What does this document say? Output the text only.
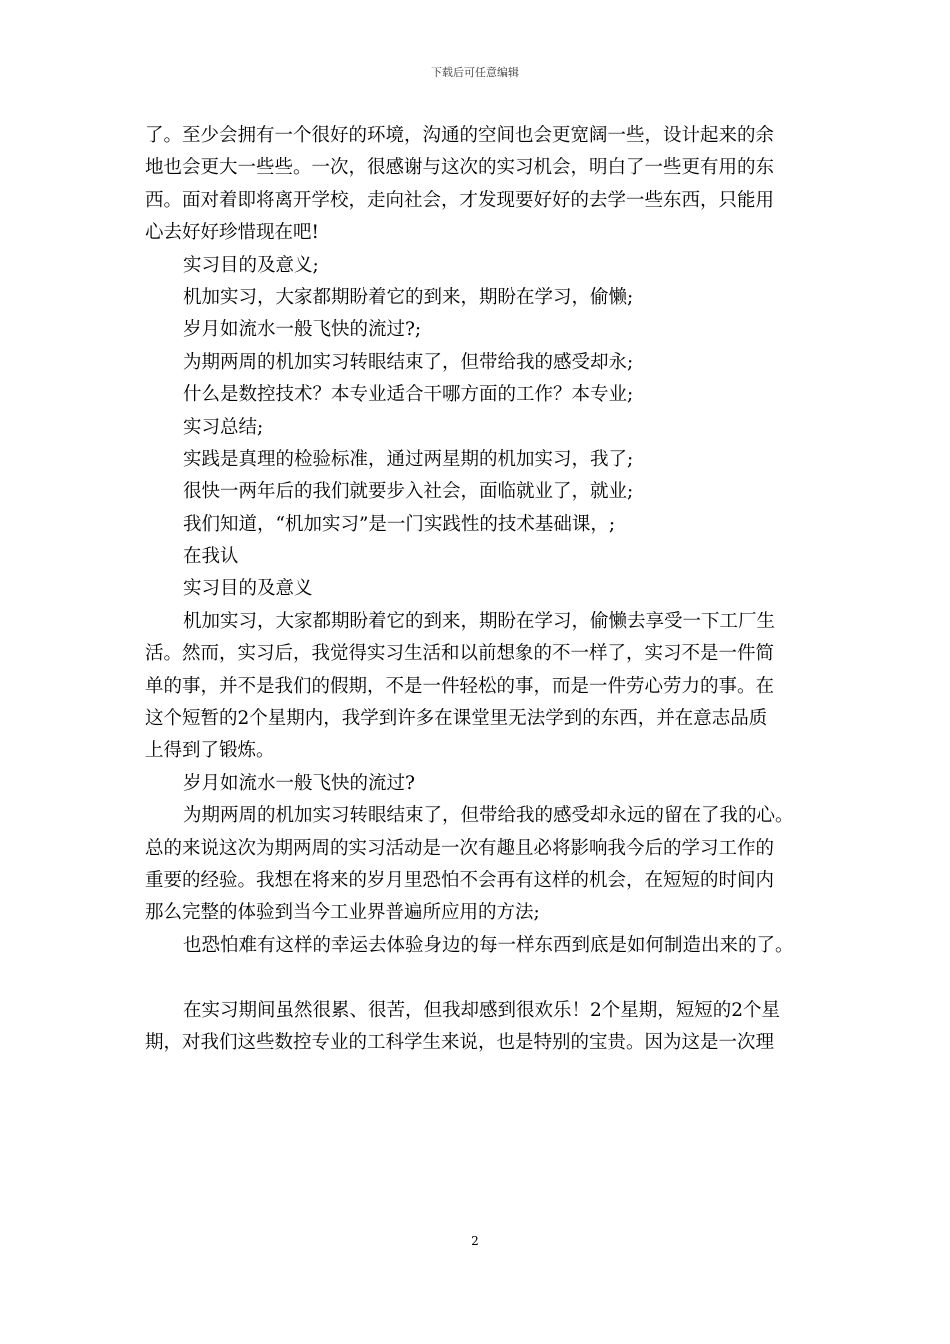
下载后可任意编辑
了。至少会拥有一个很好的环境，沟通的空间也会更宽阔一些，设计起来的余
地也会更大一些些。一次，很感谢与这次的实习机会，明白了一些更有用的东
西。面对着即将离开学校，走向社会，才发现要好好的去学一些东西，只能用
心去好好珍惜现在吧!
实习目的及意义;
机加实习，大家都期盼着它的到来，期盼在学习，偷懒;
岁月如流水一般飞快的流过?;
为期两周的机加实习转眼结束了，但带给我的感受却永;
什么是数控技术？本专业适合干哪方面的工作？本专业;
实习总结;
实践是真理的检验标准，通过两星期的机加实习，我了;
很快一两年后的我们就要步入社会，面临就业了，就业;
我们知道，“机加实习”是一门实践性的技术基础课，;
在我认
实习目的及意义
机加实习，大家都期盼着它的到来，期盼在学习，偷懒去享受一下工厂生
活。然而，实习后，我觉得实习生活和以前想象的不一样了，实习不是一件简
单的事，并不是我们的假期，不是一件轻松的事，而是一件劳心劳力的事。在
这个短暂的2个星期内，我学到许多在课堂里无法学到的东西，并在意志品质
上得到了锻炼。
岁月如流水一般飞快的流过?
为期两周的机加实习转眼结束了，但带给我的感受却永远的留在了我的心。
总的来说这次为期两周的实习活动是一次有趣且必将影响我今后的学习工作的
重要的经验。我想在将来的岁月里恐怕不会再有这样的机会，在短短的时间内
那么完整的体验到当今工业界普遍所应用的方法;
也恐怕难有这样的幸运去体验身边的每一样东西到底是如何制造出来的了。
在实习期间虽然很累、很苦，但我却感到很欢乐！2个星期，短短的2个星
期，对我们这些数控专业的工科学生来说，也是特别的宝贵。因为这是一次理
2
